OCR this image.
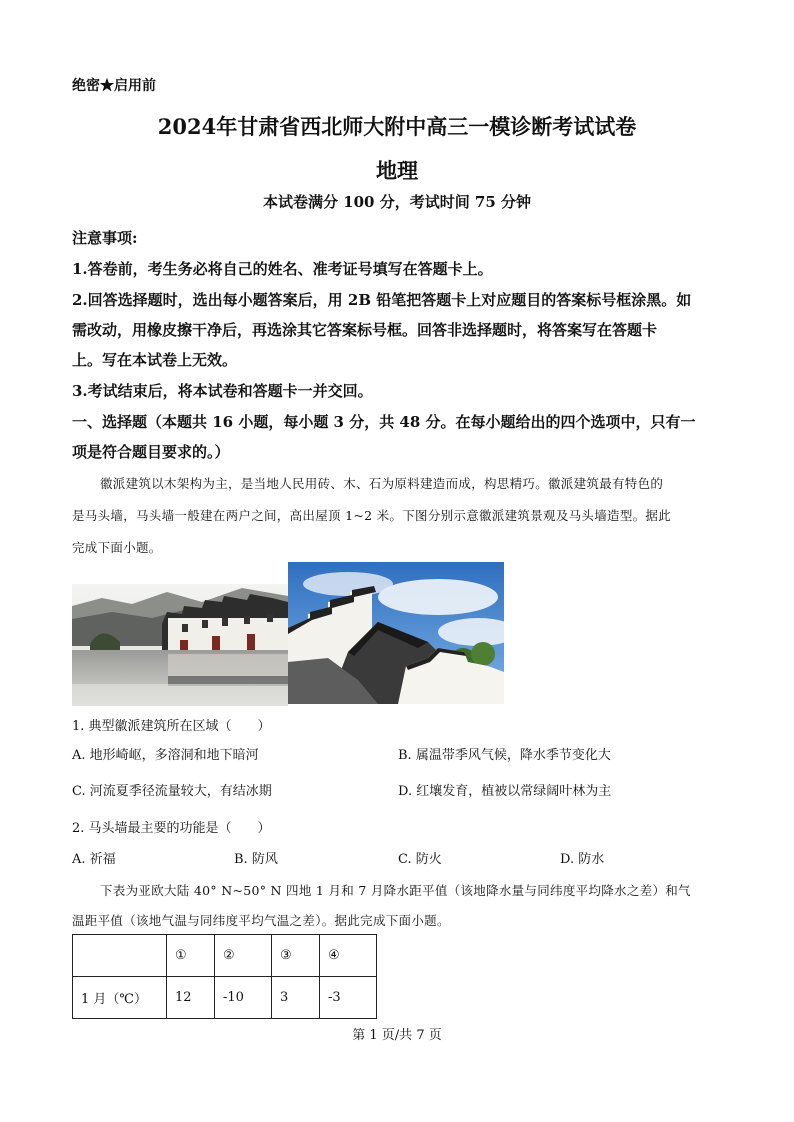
绝密★启用前
2024年甘肃省西北师大附中高三一模诊断考试试卷
地理
本试卷满分 100 分，考试时间 75 分钟
注意事项:
1.答卷前，考生务必将自己的姓名、准考证号填写在答题卡上。
2.回答选择题时，选出每小题答案后，用 2B 铅笔把答题卡上对应题目的答案标号框涂黑。如
需改动，用橡皮擦干净后，再选涂其它答案标号框。回答非选择题时，将答案写在答题卡
上。写在本试卷上无效。
3.考试结束后，将本试卷和答题卡一并交回。
一、选择题（本题共 16 小题，每小题 3 分，共 48 分。在每小题给出的四个选项中，只有一
项是符合题目要求的。）
徽派建筑以木架构为主，是当地人民用砖、木、石为原料建造而成，构思精巧。徽派建筑最有特色的
是马头墙，马头墙一般建在两户之间，高出屋顶 1~2 米。下图分别示意徽派建筑景观及马头墙造型。据此
完成下面小题。
1. 典型徽派建筑所在区域（　　）
A. 地形崎岖，多溶洞和地下暗河	B. 属温带季风气候，降水季节变化大
C. 河流夏季径流量较大，有结冰期	D. 红壤发育，植被以常绿阔叶林为主
2. 马头墙最主要的功能是（　　）
A. 祈福	B. 防风	C. 防火	D. 防水
下表为亚欧大陆 40° N~50° N 四地 1 月和 7 月降水距平值（该地降水量与同纬度平均降水之差）和气
温距平值（该地气温与同纬度平均气温之差）。据此完成下面小题。
	①	②	③	④
1 月（℃）	12	-10	3	-3
第 1 页/共 7 页
